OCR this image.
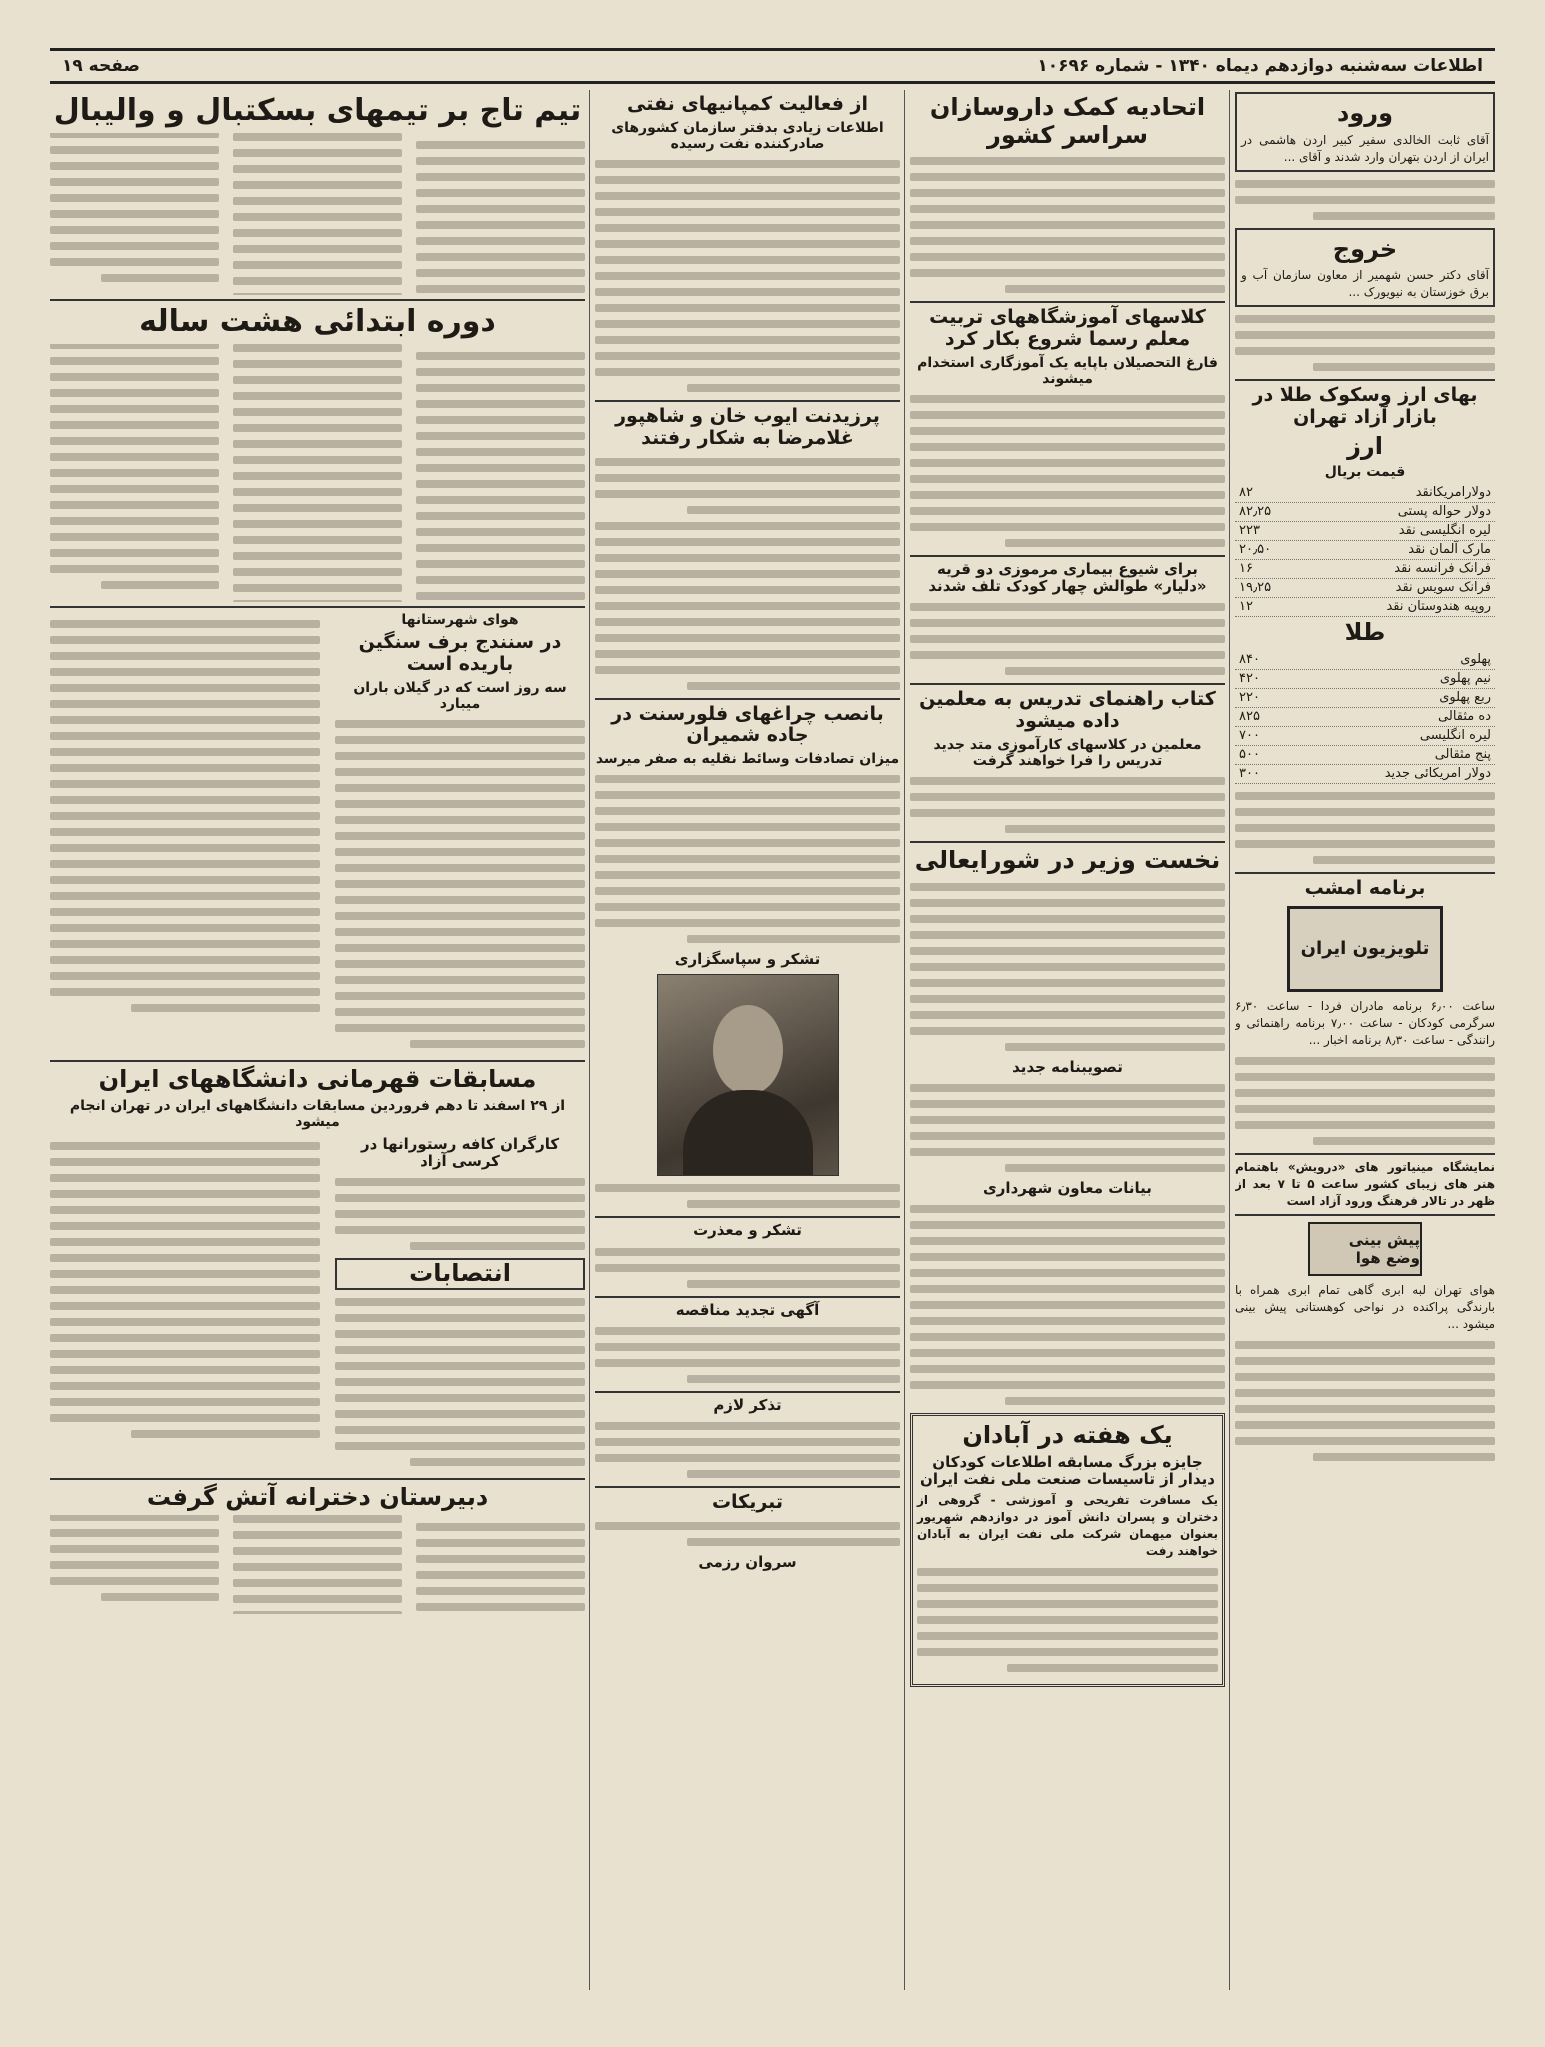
اطلاعات سه‌شنبه دوازدهم دیماه ۱۳۴۰ - شماره ۱۰۶۹۶
صفحه ۱۹
ورود
آقای ثابت الخالدی سفیر کبیر اردن هاشمی در ایران از اردن بتهران وارد شدند و آقای ...
خروج
آقای دکتر حسن شهمیر از معاون سازمان آب و برق خوزستان به نیویورک ...
بهای ارز وسکوک طلا در بازار آزاد تهران
ارز
قیمت بریال
دولارامریکانقد
۸۲
دولار حواله پستی
۸۲٫۲۵
لیره انگلیسی نقد
۲۲۳
مارک آلمان نقد
۲۰٫۵۰
فرانک فرانسه نقد
۱۶
فرانک سویس نقد
۱۹٫۲۵
روپیه هندوستان نقد
۱۲
طلا
پهلوی
۸۴۰
نیم پهلوی
۴۲۰
ربع پهلوی
۲۲۰
ده مثقالی
۸۲۵
لیره انگلیسی
۷۰۰
پنج مثقالی
۵۰۰
دولار امریکائی جدید
۳۰۰
برنامه امشب
تلویزیون ایران
ساعت ۶٫۰۰ برنامه مادران فردا - ساعت ۶٫۳۰ سرگرمی کودکان - ساعت ۷٫۰۰ برنامه راهنمائی و رانندگی - ساعت ۸٫۳۰ برنامه اخبار ...
نمایشگاه مینیاتور های «درویش» باهتمام هنر های زیبای کشور ساعت ۵ تا ۷ بعد از ظهر در تالار فرهنگ ورود آزاد است
پیش بینی وضع هوا
هوای تهران لبه ابری گاهی تمام ابری همراه با بارندگی پراکنده در نواحی کوهستانی پیش بینی میشود ...
اتحادیه کمک داروسازان سراسر کشور
کلاسهای آموزشگاههای تربیت معلم رسما شروع بکار کرد
فارغ التحصیلان باپایه یک آموزگاری استخدام میشوند
برای شیوع بیماری مرموزی دو قریه «دلیار» طوالش چهار کودک تلف شدند
کتاب راهنمای تدریس به معلمین داده میشود
معلمین در کلاسهای کارآموزی متد جدید تدریس را فرا خواهند گرفت
نخست وزیر در شورایعالی
تصویبنامه جدید
بیانات معاون شهرداری
یک هفته در آبادان
جایزه بزرگ مسابقه اطلاعات کودکان دیدار از تاسیسات صنعت ملی نفت ایران
یک مسافرت تفریحی و آموزشی - گروهی از دختران و پسران دانش آموز در دوازدهم شهریور بعنوان میهمان شرکت ملی نفت ایران به آبادان خواهند رفت
از فعالیت کمپانیهای نفتی
اطلاعات زیادی بدفتر سازمان کشورهای صادرکننده نفت رسیده
پرزیدنت ایوب خان و شاهپور غلامرضا به شکار رفتند
بانصب چراغهای فلورسنت در جاده شمیران
میزان تصادفات وسائط نقلیه به صفر میرسد
تشکر و سپاسگزاری
تشکر و معذرت
آگهی تجدید مناقصه
تذکر لازم
تبریکات
سروان رزمی
تیم تاج بر تیمهای بسکتبال و والیبال
دوره ابتدائی هشت ساله
هوای شهرستانها
در سنندج برف سنگین باریده است
سه روز است که در گیلان باران میبارد
مسابقات قهرمانی دانشگاههای ایران
از ۲۹ اسفند تا دهم فروردین مسابقات دانشگاههای ایران در تهران انجام میشود
کارگران کافه رستورانها در کرسی آزاد
انتصابات
دبیرستان دخترانه آتش گرفت
